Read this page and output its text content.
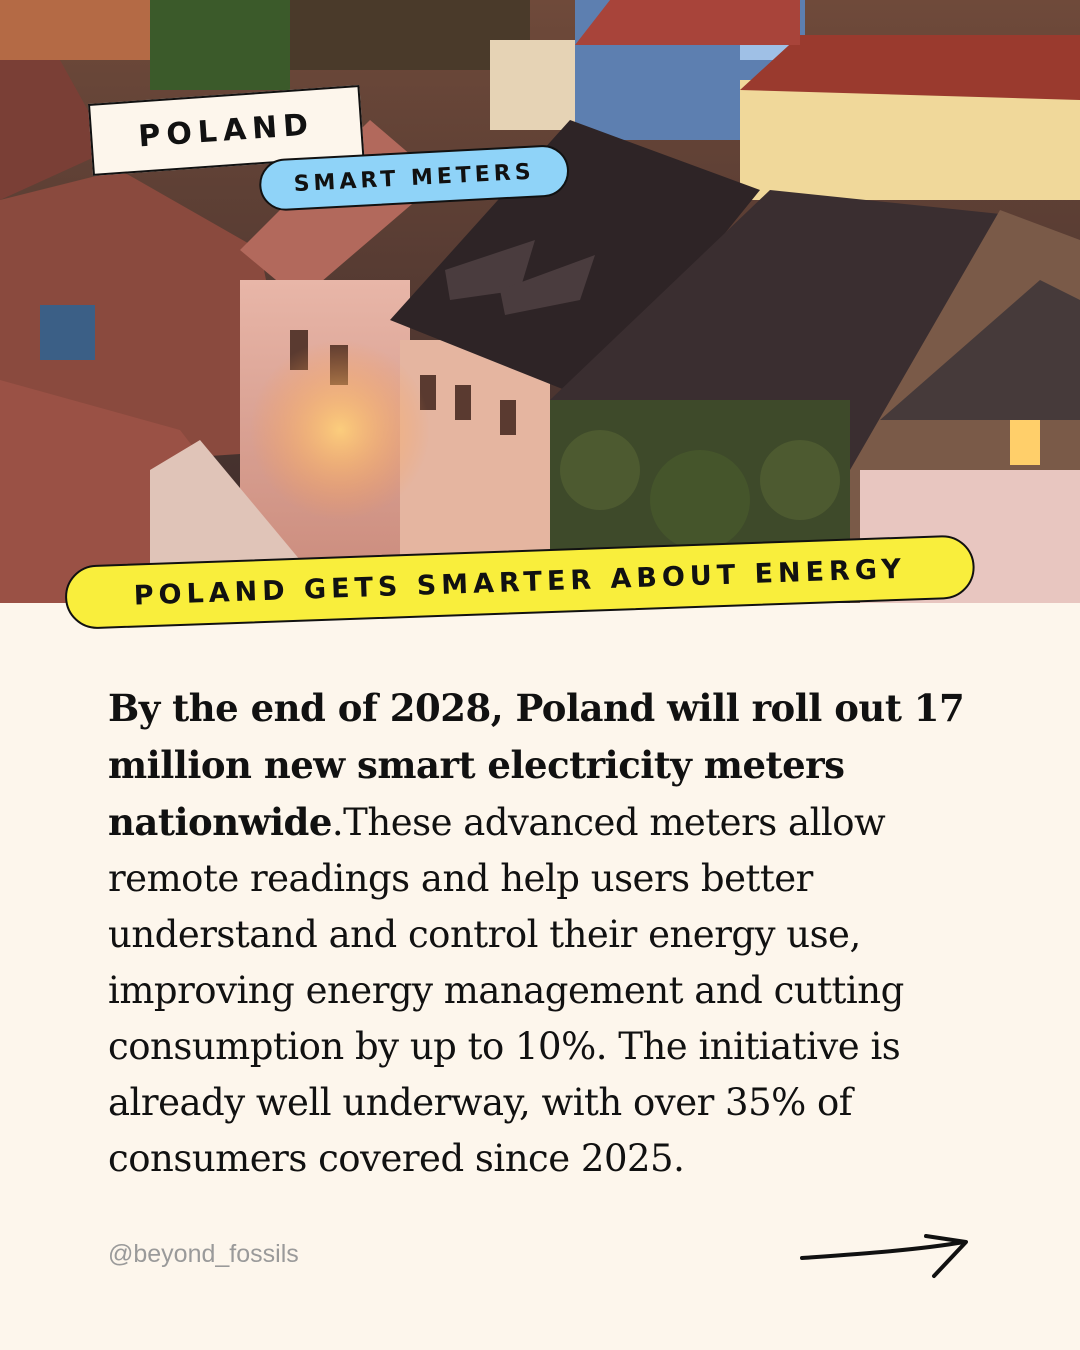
POLAND
SMART METERS
POLAND GETS SMARTER ABOUT ENERGY
By the end of 2028, Poland will roll out 17 million new smart electricity meters nationwide.These advanced meters allow remote readings and help users better understand and control their energy use, improving energy management and cutting consumption by up to 10%. The initiative is already well underway, with over 35% of consumers covered since 2025.
@beyond_fossils
